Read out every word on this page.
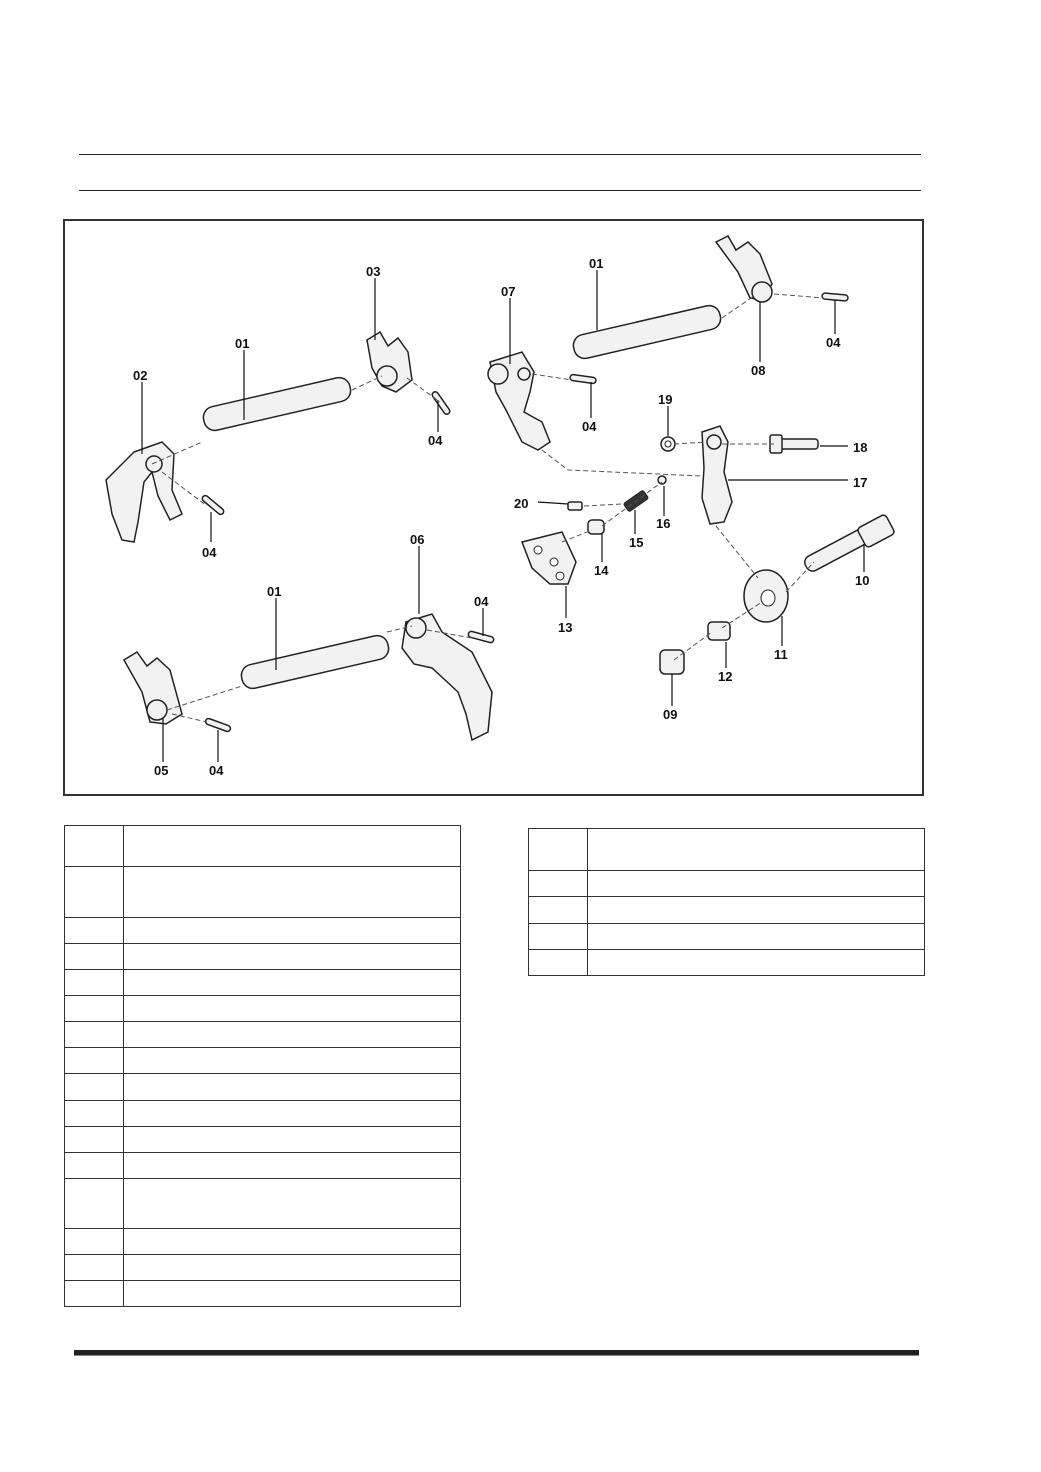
01
01
01
02
03
04
04
04
04
04
04
05
06
07
08
09
10
11
12
13
14
15
16
17
18
19
20
